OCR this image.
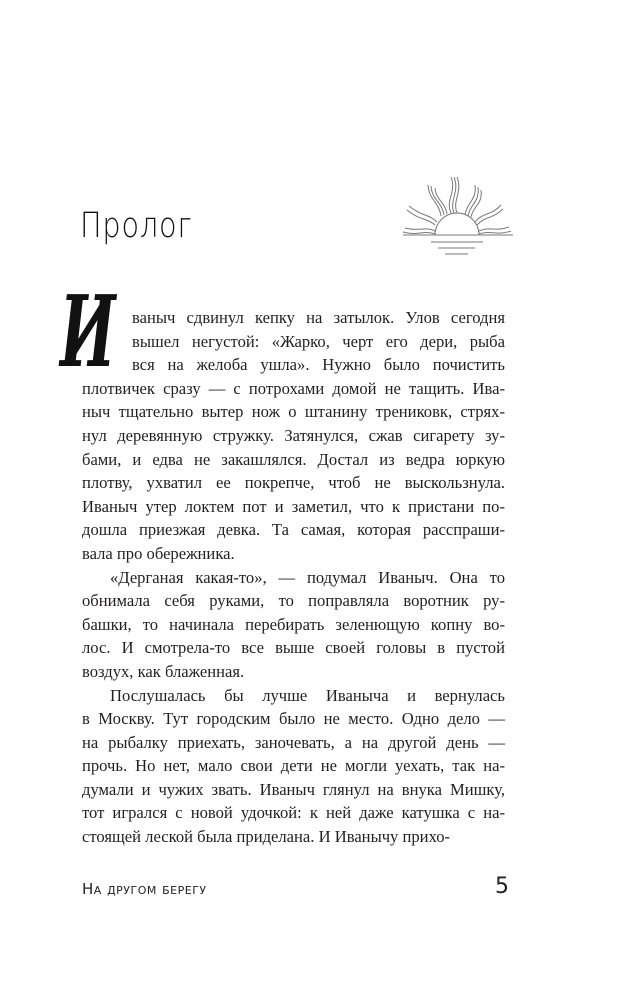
Пролог
И ваныч сдвинул кепку на затылок. Улов сегодня
вышел негустой: «Жарко, черт его дери, рыба
вся на желоба ушла». Нужно было почистить
плотвичек сразу — с потрохами домой не тащить. Ива-
ныч тщательно вытер нож о штанину трениковк, стрях-
нул деревянную стружку. Затянулся, сжав сигарету зу-
бами, и едва не закашлялся. Достал из ведра юркую
плотву, ухватил ее покрепче, чтоб не выскользнула.
Иваныч утер локтем пот и заметил, что к пристани по-
дошла приезжая девка. Та самая, которая расспраши-
вала про обережника.
«Дерганая какая-то», — подумал Иваныч. Она то
обнимала себя руками, то поправляла воротник ру-
башки, то начинала перебирать зеленющую копну во-
лос. И смотрела-то все выше своей головы в пустой
воздух, как блаженная.
Послушалась бы лучше Иваныча и вернулась
в Москву. Тут городским было не место. Одно дело —
на рыбалку приехать, заночевать, а на другой день —
прочь. Но нет, мало свои дети не могли уехать, так на-
думали и чужих звать. Иваныч глянул на внука Мишку,
тот игрался с новой удочкой: к ней даже катушка с на-
стоящей леской была приделана. И Иванычу прихо-
На другом берегу	5
